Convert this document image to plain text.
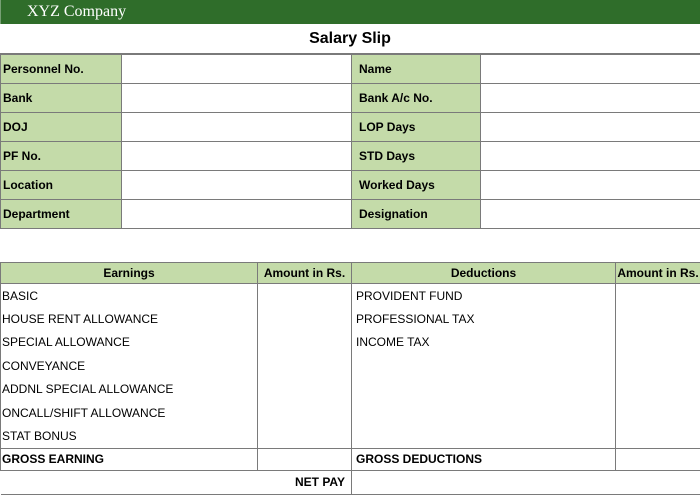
XYZ Company
Salary Slip
Personnel No.		Name	
Bank		Bank A/c No.	
DOJ		LOP Days	
PF No.		STD Days	
Location		Worked Days	
Department		Designation	
Earnings	Amount in Rs.	Deductions	Amount in Rs.
BASIC		PROVIDENT FUND	
HOUSE RENT ALLOWANCE		PROFESSIONAL TAX	
SPECIAL ALLOWANCE		INCOME TAX	
CONVEYANCE			
ADDNL SPECIAL ALLOWANCE			
ONCALL/SHIFT ALLOWANCE			
STAT BONUS			
GROSS EARNING		GROSS DEDUCTIONS	
NET PAY			
